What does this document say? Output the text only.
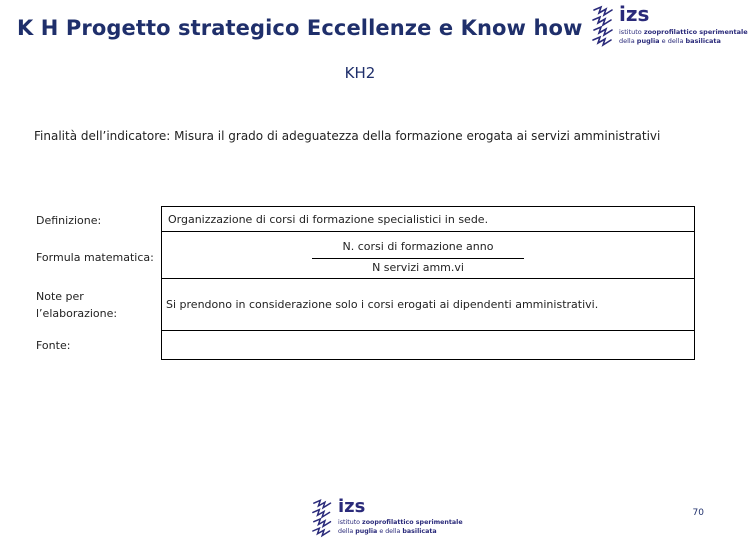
K H Progetto strategico Eccellenze e Know how
izs
istituto zooprofilattico sperimentale
della puglia e della basilicata
KH2
Finalità dell’indicatore: Misura il grado di adeguatezza della formazione erogata ai servizi amministrativi
Definizione:	Organizzazione di corsi di formazione specialistici in sede.
Formula matematica:
N. corsi di formazione anno
N servizi amm.vi
Note per l’elaborazione:
Si prendono in considerazione solo i corsi erogati ai dipendenti amministrativi.
Fonte:
izs
istituto zooprofilattico sperimentale
della puglia e della basilicata
70
